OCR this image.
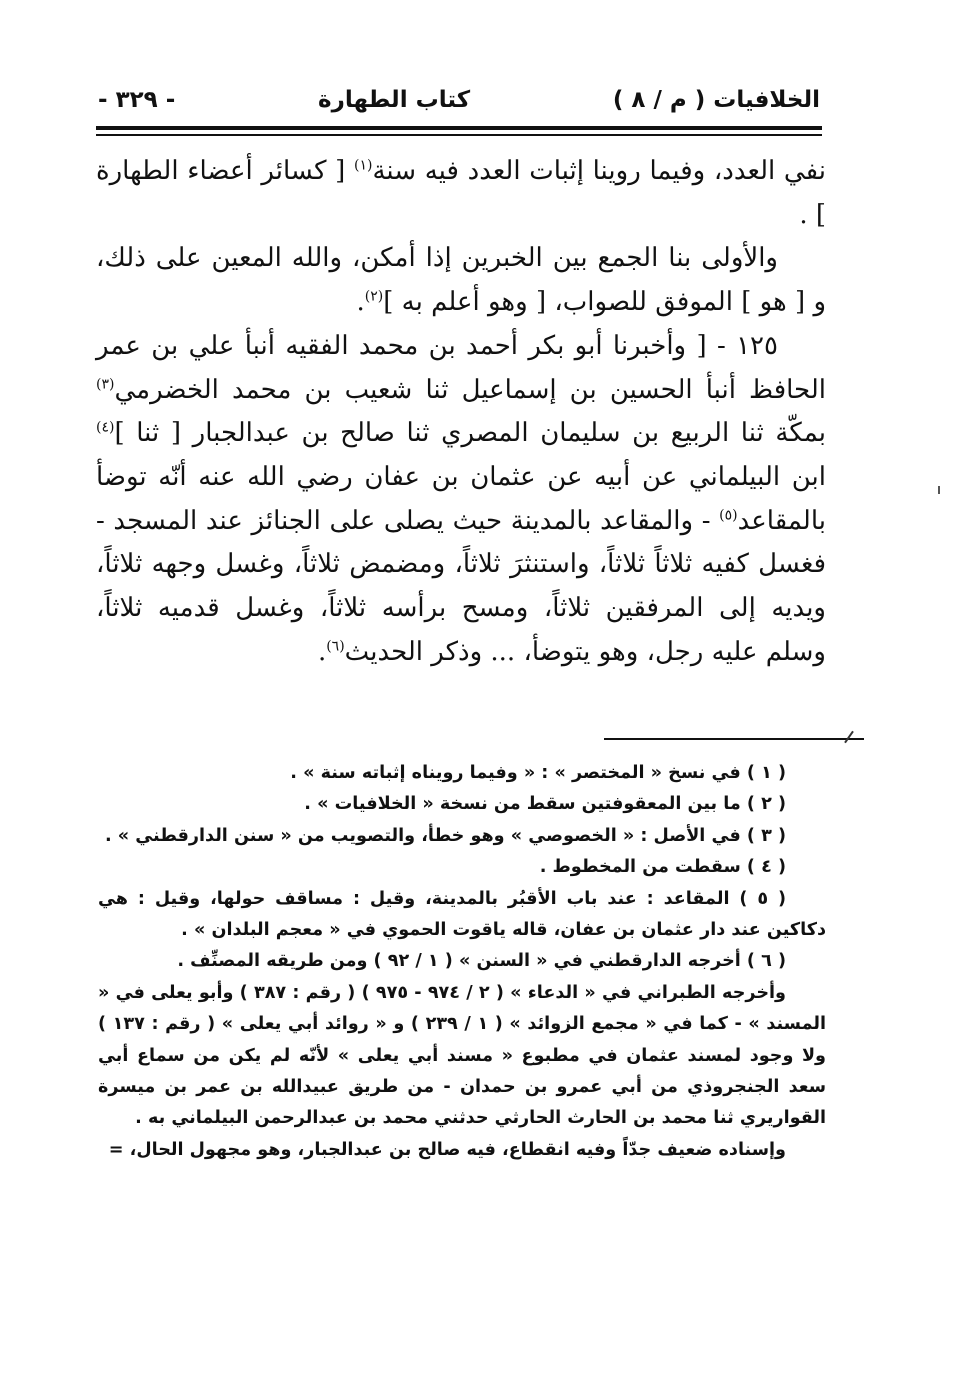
الخلافيات ( م / ٨ )
كتاب الطهارة
- ٣٢٩ -

نفي العدد، وفيما روينا إثبات العدد فيه سنة$^{(١)}$ [ كسائر أعضاء الطهارة ] .

والأولى بنا الجمع بين الخبرين إذا أمكن، والله المعين على ذلك، و [ هو ] الموفق للصواب، [ وهو أعلم به ]$^{(٢)}$.

١٢٥ - [ وأخبرنا أبو بكر أحمد بن محمد الفقيه أنبأ علي بن عمر الحافظ أنبأ الحسين بن إسماعيل ثنا شعيب بن محمد الخضرمي$^{(٣)}$ بمكّة ثنا الربيع بن سليمان المصري ثنا صالح بن عبدالجبار [ ثنا ]$^{(٤)}$ ابن البيلماني عن أبيه عن عثمان بن عفان رضي الله عنه أنّه توضأ بالمقاعد$^{(٥)}$ - والمقاعد بالمدينة حيث يصلى على الجنائز عند المسجد - فغسل كفيه ثلاثاً ثلاثاً، واستنثرَ ثلاثاً، ومضمض ثلاثاً، وغسل وجهه ثلاثاً، ويديه إلى المرفقين ثلاثاً، ومسح برأسه ثلاثاً، وغسل قدميه ثلاثاً، وسلم عليه رجل، وهو يتوضأ، ... وذكر الحديث$^{(٦)}$.

( ١ ) في نسخ « المختصر » : « وفيما رويناه إثباته سنة » .

( ٢ ) ما بين المعقوفتين سقط من نسخة « الخلافيات » .

( ٣ ) في الأصل : « الخصوصي » وهو خطأ، والتصويب من « سنن الدارقطني » .

( ٤ ) سقطت من المخطوط .

( ٥ ) المقاعد : عند باب الأقبُر بالمدينة، وقيل : مساقف حولها، وقيل : هي دكاكين عند دار عثمان بن عفان، قاله ياقوت الحموي في « معجم البلدان » .

( ٦ ) أخرجه الدارقطني في « السنن » ( ١ / ٩٢ ) ومن طريقه المصنِّف .

وأخرجه الطبراني في « الدعاء » ( ٢ / ٩٧٤ - ٩٧٥ ) ( رقم : ٣٨٧ ) وأبو يعلى في « المسند » - كما في « مجمع الزوائد » ( ١ / ٢٣٩ ) و « روائد أبي يعلى » ( رقم : ١٣٧ ) ولا وجود لمسند عثمان في مطبوع « مسند أبي يعلى » لأنّه لم يكن من سماع أبي سعد الجنجروذي من أبي عمرو بن حمدان - من طريق عبيدالله بن عمر بن ميسرة القواريري ثنا محمد بن الحارث الحارثي حدثني محمد بن عبدالرحمن البيلماني به .

وإسناده ضعيف جدّاً وفيه انقطاع، فيه صالح بن عبدالجبار، وهو مجهول الحال، =
